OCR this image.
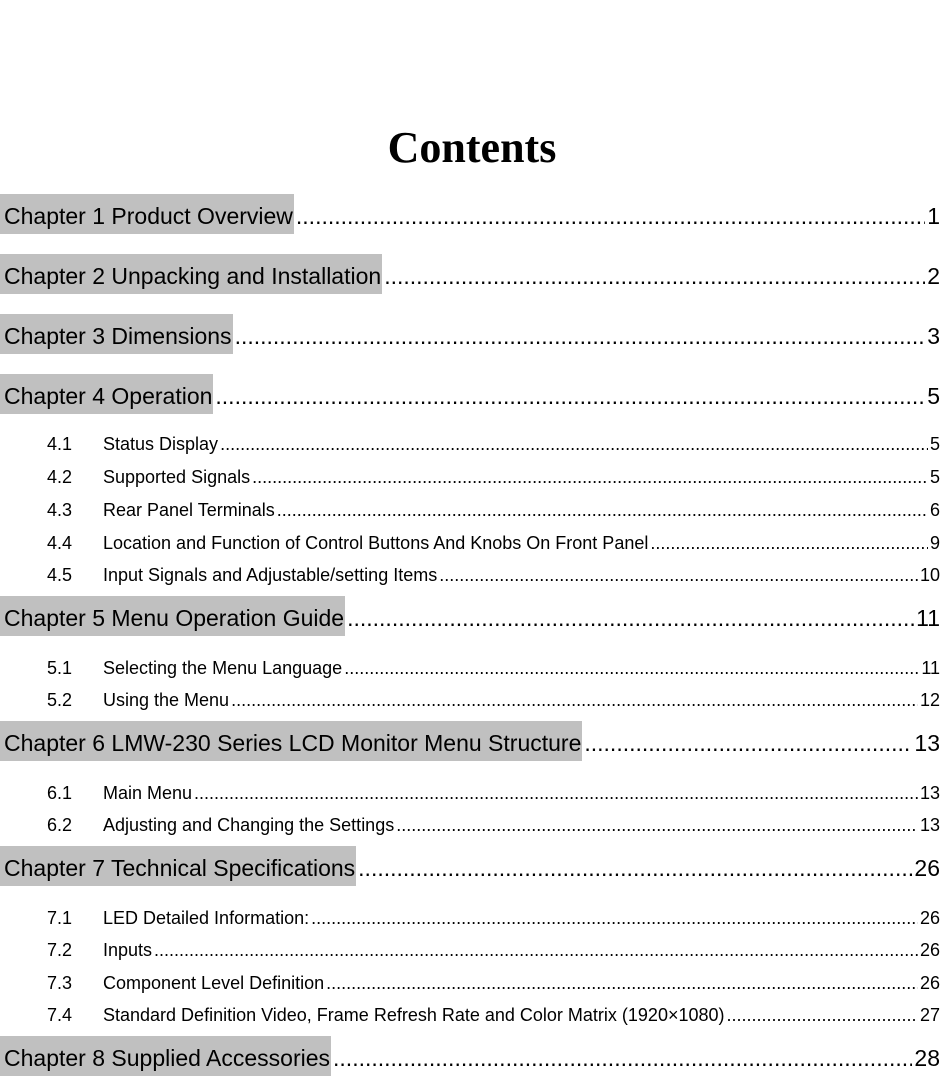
Contents
Chapter 1 Product Overview .....	1
Chapter 2 Unpacking and Installation .....	2
Chapter 3 Dimensions .....	3
Chapter 4 Operation .....	5
4.1	Status Display .....	5
4.2	Supported Signals .....	5
4.3	Rear Panel Terminals .....	6
4.4	Location and Function of Control Buttons And Knobs On Front Panel .....	9
4.5	Input Signals and Adjustable/setting Items .....	10
Chapter 5 Menu Operation Guide .....	11
5.1	Selecting the Menu Language .....	11
5.2	Using the Menu .....	12
Chapter 6 LMW-230 Series LCD Monitor Menu Structure .....	13
6.1	Main Menu .....	13
6.2	Adjusting and Changing the Settings .....	13
Chapter 7 Technical Specifications .....	26
7.1	LED Detailed Information: .....	26
7.2	Inputs .....	26
7.3	Component Level Definition .....	26
7.4	Standard Definition Video, Frame Refresh Rate and Color Matrix (1920×1080) .....	27
Chapter 8 Supplied Accessories .....	28
